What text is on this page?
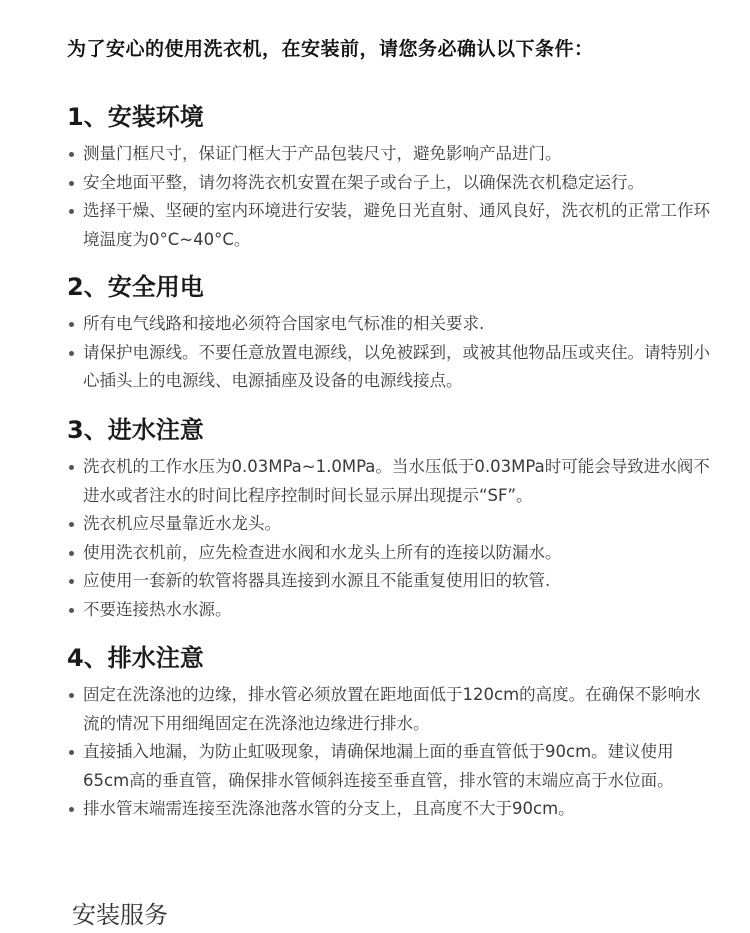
为了安心的使用洗衣机，在安装前，请您务必确认以下条件：
1、安装环境
测量门框尺寸，保证门框大于产品包装尺寸，避免影响产品进门。
安全地面平整，请勿将洗衣机安置在架子或台子上，以确保洗衣机稳定运行。
选择干燥、坚硬的室内环境进行安装，避免日光直射、通风良好，洗衣机的正常工作环境温度为0°C~40°C。
2、安全用电
所有电气线路和接地必须符合国家电气标准的相关要求.
请保护电源线。不要任意放置电源线，以免被踩到，或被其他物品压或夹住。请特别小心插头上的电源线、电源插座及设备的电源线接点。
3、进水注意
洗衣机的工作水压为0.03MPa~1.0MPa。当水压低于0.03MPa时可能会导致进水阀不进水或者注水的时间比程序控制时间长显示屏出现提示“SF”。
洗衣机应尽量靠近水龙头。
使用洗衣机前，应先检查进水阀和水龙头上所有的连接以防漏水。
应使用一套新的软管将器具连接到水源且不能重复使用旧的软管.
不要连接热水水源。
4、排水注意
固定在洗涤池的边缘，排水管必须放置在距地面低于120cm的高度。在确保不影响水流的情况下用细绳固定在洗涤池边缘进行排水。
直接插入地漏，为防止虹吸现象，请确保地漏上面的垂直管低于90cm。建议使用65cm高的垂直管，确保排水管倾斜连接至垂直管，排水管的末端应高于水位面。
排水管末端需连接至洗涤池落水管的分支上，且高度不大于90cm。
安装服务
